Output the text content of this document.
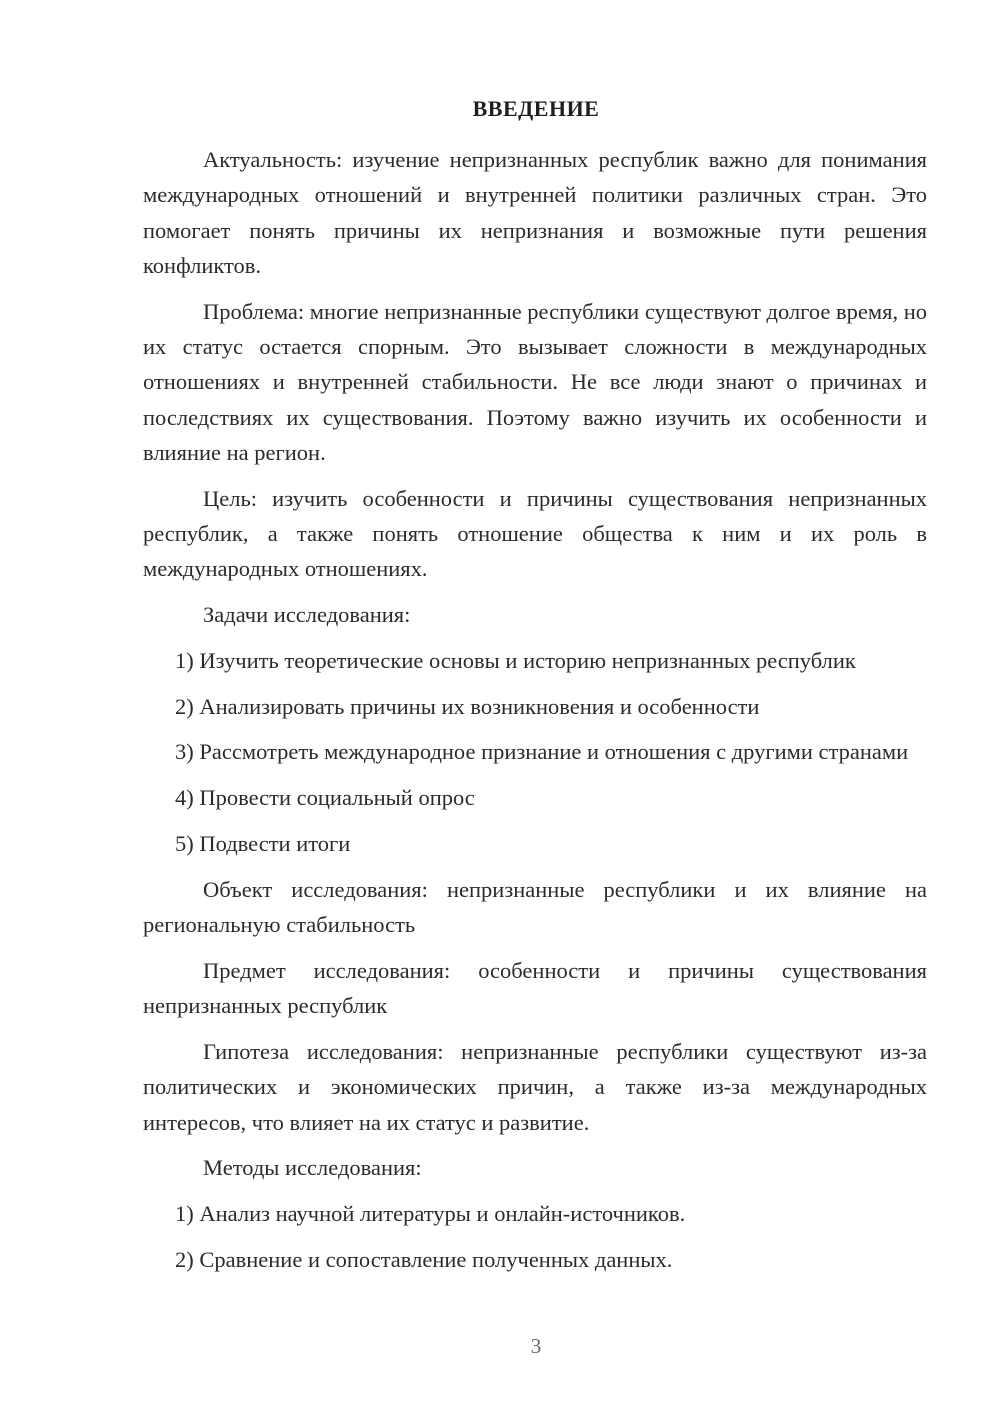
ВВЕДЕНИЕ

Актуальность: изучение непризнанных республик важно для понимания международных отношений и внутренней политики различных стран. Это помогает понять причины их непризнания и возможные пути решения конфликтов.

Проблема: многие непризнанные республики существуют долгое время, но их статус остается спорным. Это вызывает сложности в международных отношениях и внутренней стабильности. Не все люди знают о причинах и последствиях их существования. Поэтому важно изучить их особенности и влияние на регион.

Цель: изучить особенности и причины существования непризнанных республик, а также понять отношение общества к ним и их роль в международных отношениях.

Задачи исследования:

1) Изучить теоретические основы и историю непризнанных республик

2) Анализировать причины их возникновения и особенности

3) Рассмотреть международное признание и отношения с другими странами

4) Провести социальный опрос

5) Подвести итоги

Объект исследования: непризнанные республики и их влияние на региональную стабильность

Предмет исследования: особенности и причины существования непризнанных республик

Гипотеза исследования: непризнанные республики существуют из-за политических и экономических причин, а также из-за международных интересов, что влияет на их статус и развитие.

Методы исследования:

1) Анализ научной литературы и онлайн-источников.

2) Сравнение и сопоставление полученных данных.

3
